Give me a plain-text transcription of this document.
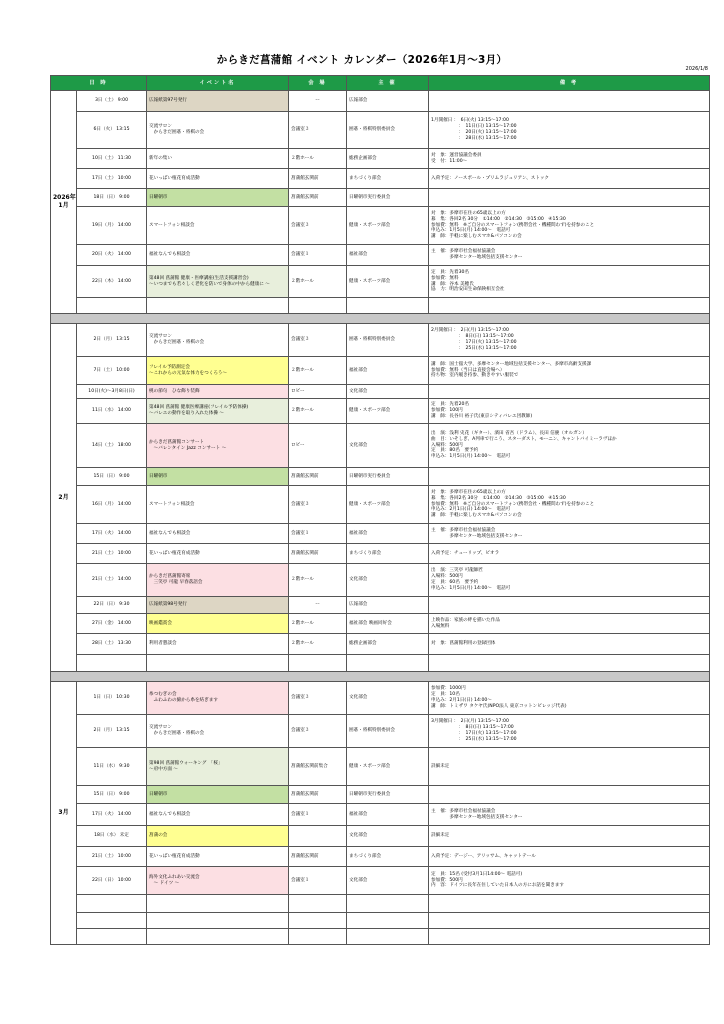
からきだ菖蒲館 イベント カレンダー（2026年1月〜3月）
2026/1/8
日 時		イベント名	会 場	主 催	備 考
2026年
1月	3日（土） 9:00	広報紙第97号発行	ー	広報部会	
	6日（火） 13:15	交流サロン
　からきだ囲碁・将棋の会	会議室３	囲碁・将棋特別委員会	1月開催日 ：　6日(火) 13:15〜17:00
　　　　　　：　11日(日) 13:15〜17:00
　　　　　　：　20日(火) 13:15〜17:00
　　　　　　：　28日(水) 13:15〜17:00
	10日（土） 11:30	新年の集い	２階ホール	総務企画部会	対　象：運営協議会委員
受　付：11:00〜
	17日（土） 10:00	花いっぱい植花育成活動	菖蒲館玄関前	まちづくり部会	入荷予定：ノースポール・プリムラジュリアン、ストック
	18日（日） 9:00	日曜朝市	菖蒲館玄関前	日曜朝市実行委員会	
	19日（月） 14:00	スマートフォン相談会	会議室３	健康・スポーツ部会	対　象：多摩市在住の65歳以上の方
募　集：各回2名 30分　①14:00　②14:30　③15:00　④15:30
参加費：無料　※ご自分のスマートフォン(携帯会社・機種問わず)を持参のこと
申込み：1月5日(月) 14:00〜　電話可
講　師：手軽に楽しむスマホ&パソコンの会
	20日（火） 14:00	福祉なんでも相談会	会議室１	福祉部会	主　催：多摩市社会福祉協議会
　　　　多摩センター地域包括支援センター
	22日（木） 14:00	第48回 菖蒲館 健康・医療講座(生活支援講習会)
〜いつまでも若々しく老化を防いで身体の中から健康に 〜	２階ホール	健康・スポーツ部会	定　員：先着30名
参加費：無料
講　師：谷本 美穂氏
協　力：明治安田生命保険相互会社

2月	2日（月） 13:15	交流サロン
　からきだ囲碁・将棋の会	会議室３	囲碁・将棋特別委員会	2月開催日 ：　2日(月) 13:15〜17:00
　　　　　　：　8日(日) 13:15〜17:00
　　　　　　：　17日(火) 13:15〜17:00
　　　　　　：　25日(水) 13:15〜17:00
	7日（土） 10:00	フレイル予防測定会
〜これからの元気な体力をつくろう〜	２階ホール	福祉部会	講　師：国士舘大学、多摩センター地域包括支援センター、多摩市高齢支援課
参加費：無料（当日は直接会場へ）
持ち物：室内履き持参、動きやすい服装で
	10日(火)〜3月8日(日)	桃の節句　ひな飾り装飾	ロビー	文化部会	
	11日（水） 14:00	第48回 菖蒲館 健康医療講座(フレイル予防体操)
〜バレエの動作を取り入れた体操 〜	２階ホール	健康・スポーツ部会	定　員：先着20名
参加費：100円
講　師：長谷川 裕子氏(東京シティバレエ団教師)
	14日（土） 18:00	からきだ菖蒲館コンサート
　〜バレンタイン Jazz コンサート 〜	ロビー	文化部会	出　演：浅利 史花（ギター）、濱田 省吾（ドラム）、長田 信慶（オルガン）
曲　目：いそしぎ、A列車で行こう、スターダスト、モーニン、キャントバイミーラヴほか
入場料：500円
定　員：80名　要予約
申込み：1月5日(月) 14:00〜　電話可
	15日（日） 9:00	日曜朝市	菖蒲館玄関前	日曜朝市実行委員会	
	16日（月） 14:00	スマートフォン相談会	会議室３	健康・スポーツ部会	対　象：多摩市在住の65歳以上の方
募　集：各回2名 30分　①14:00　②14:30　③15:00　④15:30
参加費：無料　※ご自分のスマートフォン(携帯会社・機種問わず)を持参のこと
申込み：2月1日(日) 14:00〜　電話可
講　師：手軽に楽しむスマホ&パソコンの会
	17日（火） 14:00	福祉なんでも相談会	会議室１	福祉部会	主　催：多摩市社会福祉協議会
　　　　多摩センター地域包括支援センター
	21日（土） 10:00	花いっぱい植花育成活動	菖蒲館玄関前	まちづくり部会	入荷予定：チューリップ、ビオラ
	21日（土） 14:00	からきだ菖蒲館寄席
　三笑亭 可龍 早春落語会	２階ホール	文化部会	出　演：三笑亭 可龍師匠
入場料：500円
定　員：60名　要予約
申込み：1月5日(月) 14:00〜　電話可
	22日（日） 9:30	広報紙第98号発行	ー	広報部会	
	27日（金） 14:00	映画鑑賞会	２階ホール	福祉部会 映画同好会	上映作品：家族の絆を描いた作品
入場無料
	28日（土） 13:30	利用者懇談会	２階ホール	総務企画部会	対　象：菖蒲館利用の登録団体

3月	1日（日） 10:30	糸つむぎの会
　ふわふわの綿から糸を紡ぎます	会議室３	文化部会	参加費：1000円
定　員：10名
申込み：2月1日(日) 14:00〜
講　師：トミザワ タケヤ氏(NPO法人 東京コットンビレッジ代表)
	2日（月） 13:15	交流サロン
　からきだ囲碁・将棋の会	会議室３	囲碁・将棋特別委員会	3月開催日 ：　2日(月) 13:15〜17:00
　　　　　　：　8日(日) 13:15〜17:00
　　　　　　：　17日(火) 13:15〜17:00
　　　　　　：　25日(水) 13:15〜17:00
	11日（水） 9:30	第98回 菖蒲館ウォーキング　「桜」
〜府中方面 〜	菖蒲館玄関前集合	健康・スポーツ部会	詳細未定
	15日（日） 9:00	日曜朝市	菖蒲館玄関前	日曜朝市実行委員会	
	17日（火） 14:00	福祉なんでも相談会	会議室１	福祉部会	主　催：多摩市社会福祉協議会
　　　　多摩センター地域包括支援センター
	18日（水） 未定	菖蒲の会		文化部会	詳細未定
	21日（土） 10:00	花いっぱい植花育成活動	菖蒲館玄関前	まちづくり部会	入荷予定：デージー、アリッサム、キャットテール
	22日（日） 10:00	海外文化ふれあい交流会
　〜 ドイツ 〜	会議室１	文化部会	定　員：15名 (受付3月1日14:00〜 電話可)
参加費：500円
内　容：ドイツに長年在住していた日本人の方にお話を聞きます
